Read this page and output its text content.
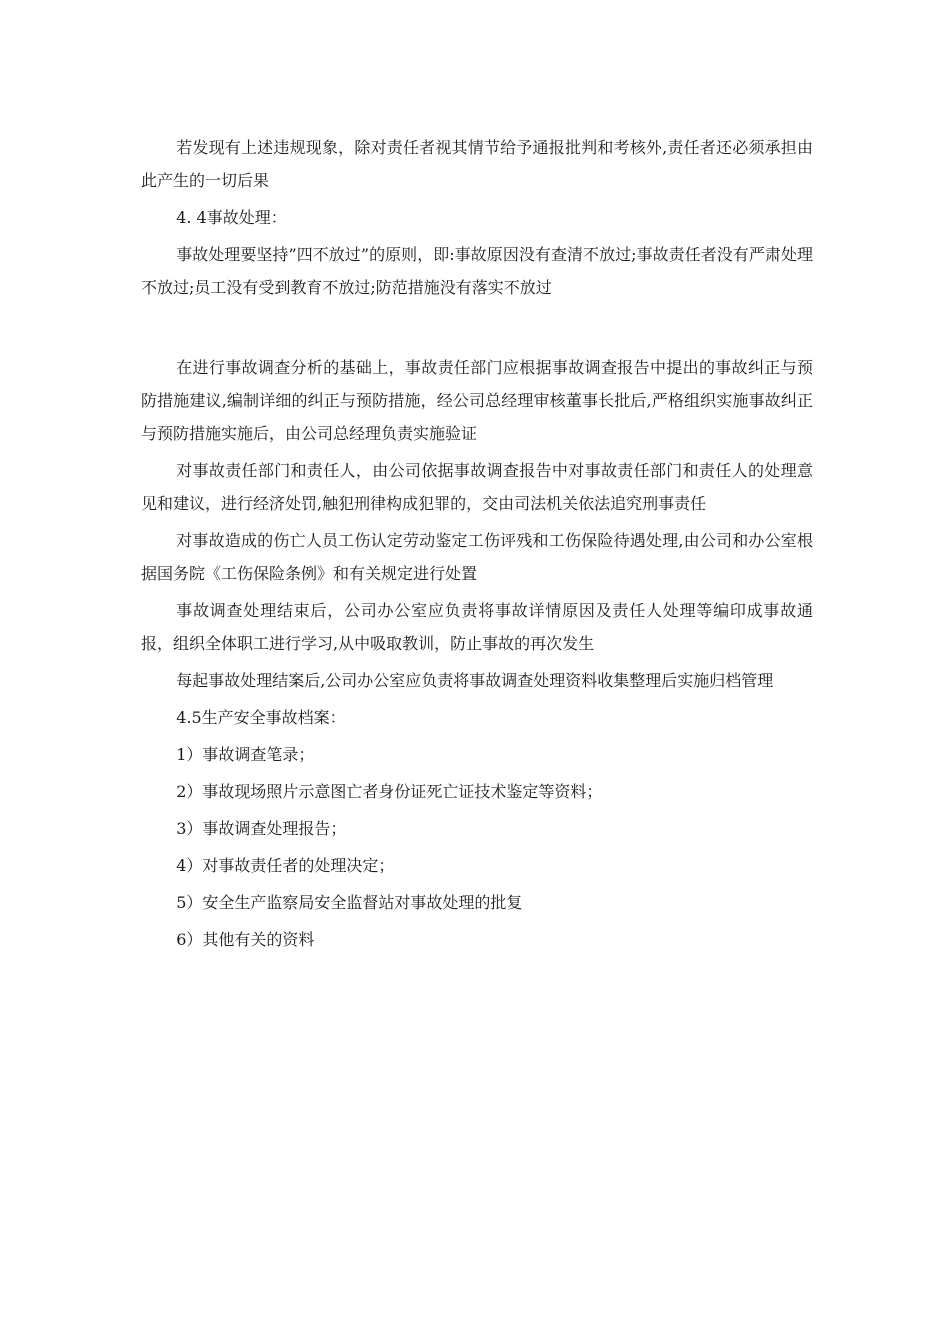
若发现有上述违规现象，除对责任者视其情节给予通报批判和考核外,责任者还必须承担由此产生的一切后果

4. 4事故处理：

事故处理要坚持”四不放过”的原则，即:事故原因没有查清不放过;事故责任者没有严肃处理不放过;员工没有受到教育不放过;防范措施没有落实不放过

在进行事故调查分析的基础上，事故责任部门应根据事故调查报告中提出的事故纠正与预防措施建议,编制详细的纠正与预防措施，经公司总经理审核董事长批后,严格组织实施事故纠正与预防措施实施后，由公司总经理负责实施验证

对事故责任部门和责任人，由公司依据事故调查报告中对事故责任部门和责任人的处理意见和建议，进行经济处罚,触犯刑律构成犯罪的，交由司法机关依法追究刑事责任

对事故造成的伤亡人员工伤认定劳动鉴定工伤评残和工伤保险待遇处理,由公司和办公室根据国务院《工伤保险条例》和有关规定进行处置

事故调查处理结束后，公司办公室应负责将事故详情原因及责任人处理等编印成事故通报，组织全体职工进行学习,从中吸取教训，防止事故的再次发生

每起事故处理结案后,公司办公室应负责将事故调查处理资料收集整理后实施归档管理

4.5生产安全事故档案：

1）事故调查笔录；

2）事故现场照片示意图亡者身份证死亡证技术鉴定等资料；

3）事故调查处理报告；

4）对事故责任者的处理决定；

5）安全生产监察局安全监督站对事故处理的批复

6）其他有关的资料
